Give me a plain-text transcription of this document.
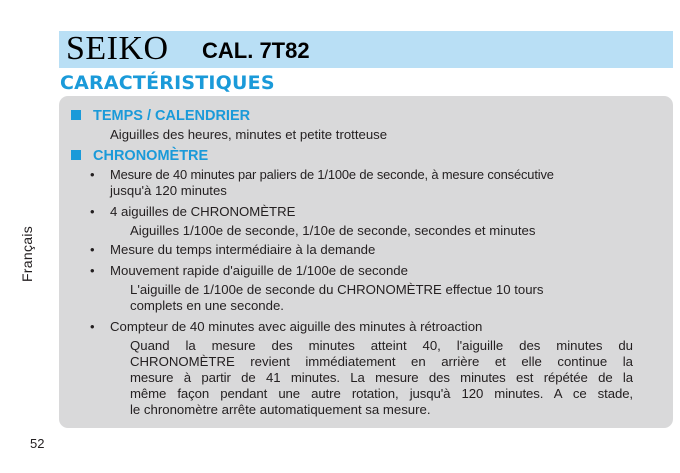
SEIKO CAL. 7T82
CARACTÉRISTIQUES
Français
TEMPS / CALENDRIER
Aiguilles des heures, minutes et petite trotteuse
CHRONOMÈTRE
• Mesure de 40 minutes par paliers de 1/100e de seconde, à mesure consécutive
jusqu'à 120 minutes
• 4 aiguilles de CHRONOMÈTRE
Aiguilles 1/100e de seconde, 1/10e de seconde, secondes et minutes
• Mesure du temps intermédiaire à la demande
• Mouvement rapide d'aiguille de 1/100e de seconde
L'aiguille de 1/100e de seconde du CHRONOMÈTRE effectue 10 tours
complets en une seconde.
• Compteur de 40 minutes avec aiguille des minutes à rétroaction
Quand la mesure des minutes atteint 40, l'aiguille des minutes du
CHRONOMÈTRE revient immédiatement en arrière et elle continue la
mesure à partir de 41 minutes. La mesure des minutes est répétée de la
même façon pendant une autre rotation, jusqu'à 120 minutes. A ce stade,
le chronomètre arrête automatiquement sa mesure.
52
